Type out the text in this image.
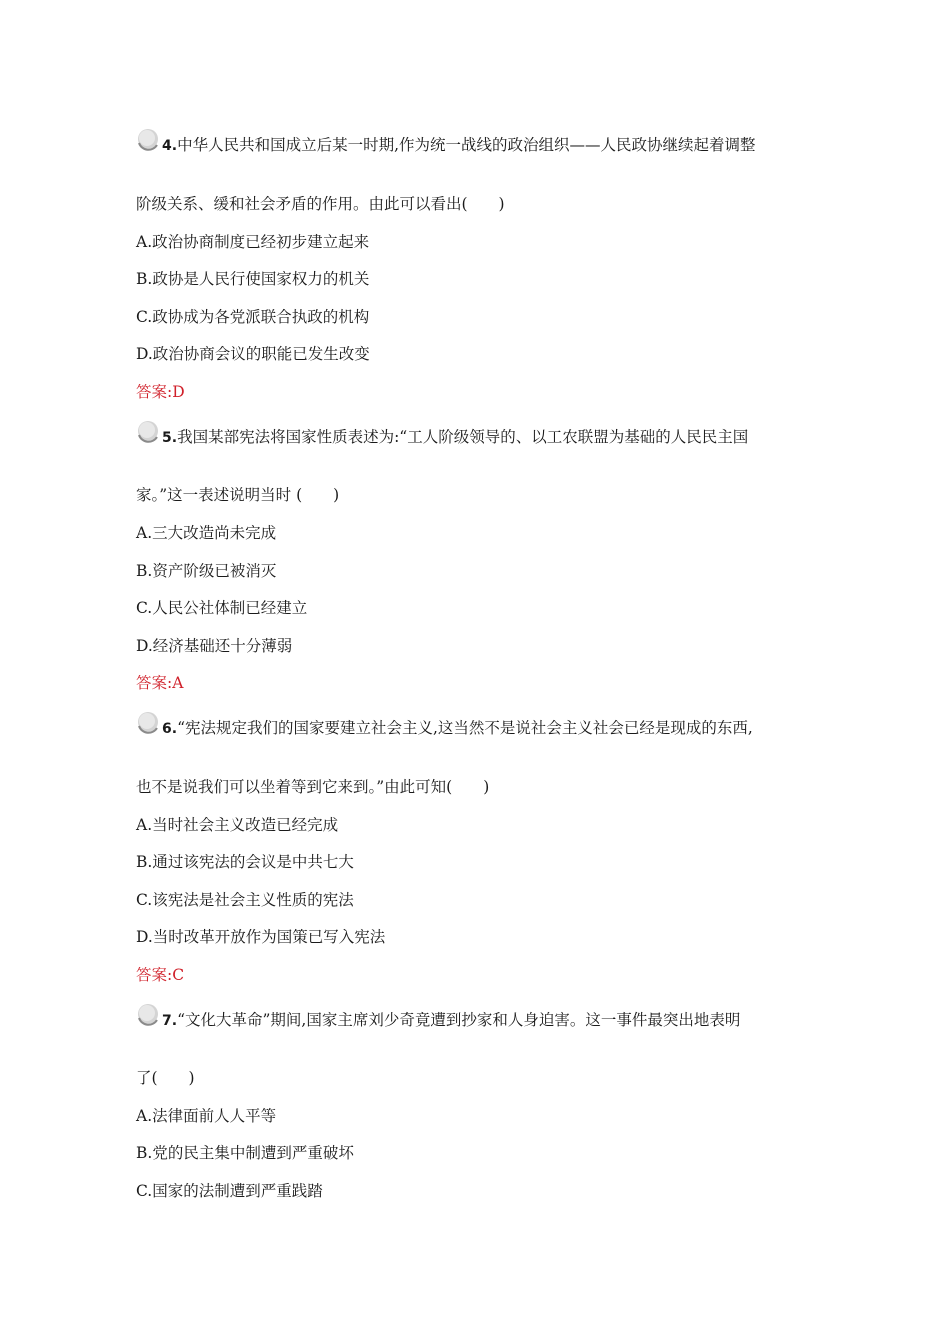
4.中华人民共和国成立后某一时期,作为统一战线的政治组织——人民政协继续起着调整
阶级关系、缓和社会矛盾的作用。由此可以看出(　　)
A.政治协商制度已经初步建立起来
B.政协是人民行使国家权力的机关
C.政协成为各党派联合执政的机构
D.政治协商会议的职能已发生改变
答案:D
5.我国某部宪法将国家性质表述为:“工人阶级领导的、以工农联盟为基础的人民民主国
家。”这一表述说明当时 (　　)
A.三大改造尚未完成
B.资产阶级已被消灭
C.人民公社体制已经建立
D.经济基础还十分薄弱
答案:A
6.“宪法规定我们的国家要建立社会主义,这当然不是说社会主义社会已经是现成的东西,
也不是说我们可以坐着等到它来到。”由此可知(　　)
A.当时社会主义改造已经完成
B.通过该宪法的会议是中共七大
C.该宪法是社会主义性质的宪法
D.当时改革开放作为国策已写入宪法
答案:C
7.“文化大革命”期间,国家主席刘少奇竟遭到抄家和人身迫害。这一事件最突出地表明
了(　　)
A.法律面前人人平等
B.党的民主集中制遭到严重破坏
C.国家的法制遭到严重践踏
